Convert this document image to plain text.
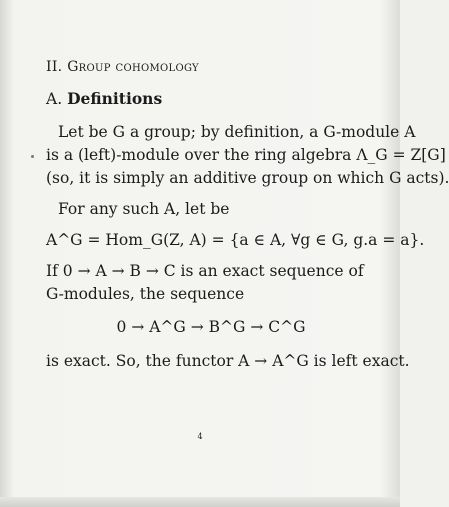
II. Group cohomology
A. Definitions
Let be G a group; by definition, a G-module A
is a (left)-module over the ring algebra Λ_G = Z[G]
(so, it is simply an additive group on which G acts).
For any such A, let be
A^G = Hom_G(Z, A) = {a ∈ A, ∀g ∈ G, g.a = a}.
If 0 → A → B → C is an exact sequence of
G-modules, the sequence
0 → A^G → B^G → C^G
is exact. So, the functor A → A^G is left exact.
4
